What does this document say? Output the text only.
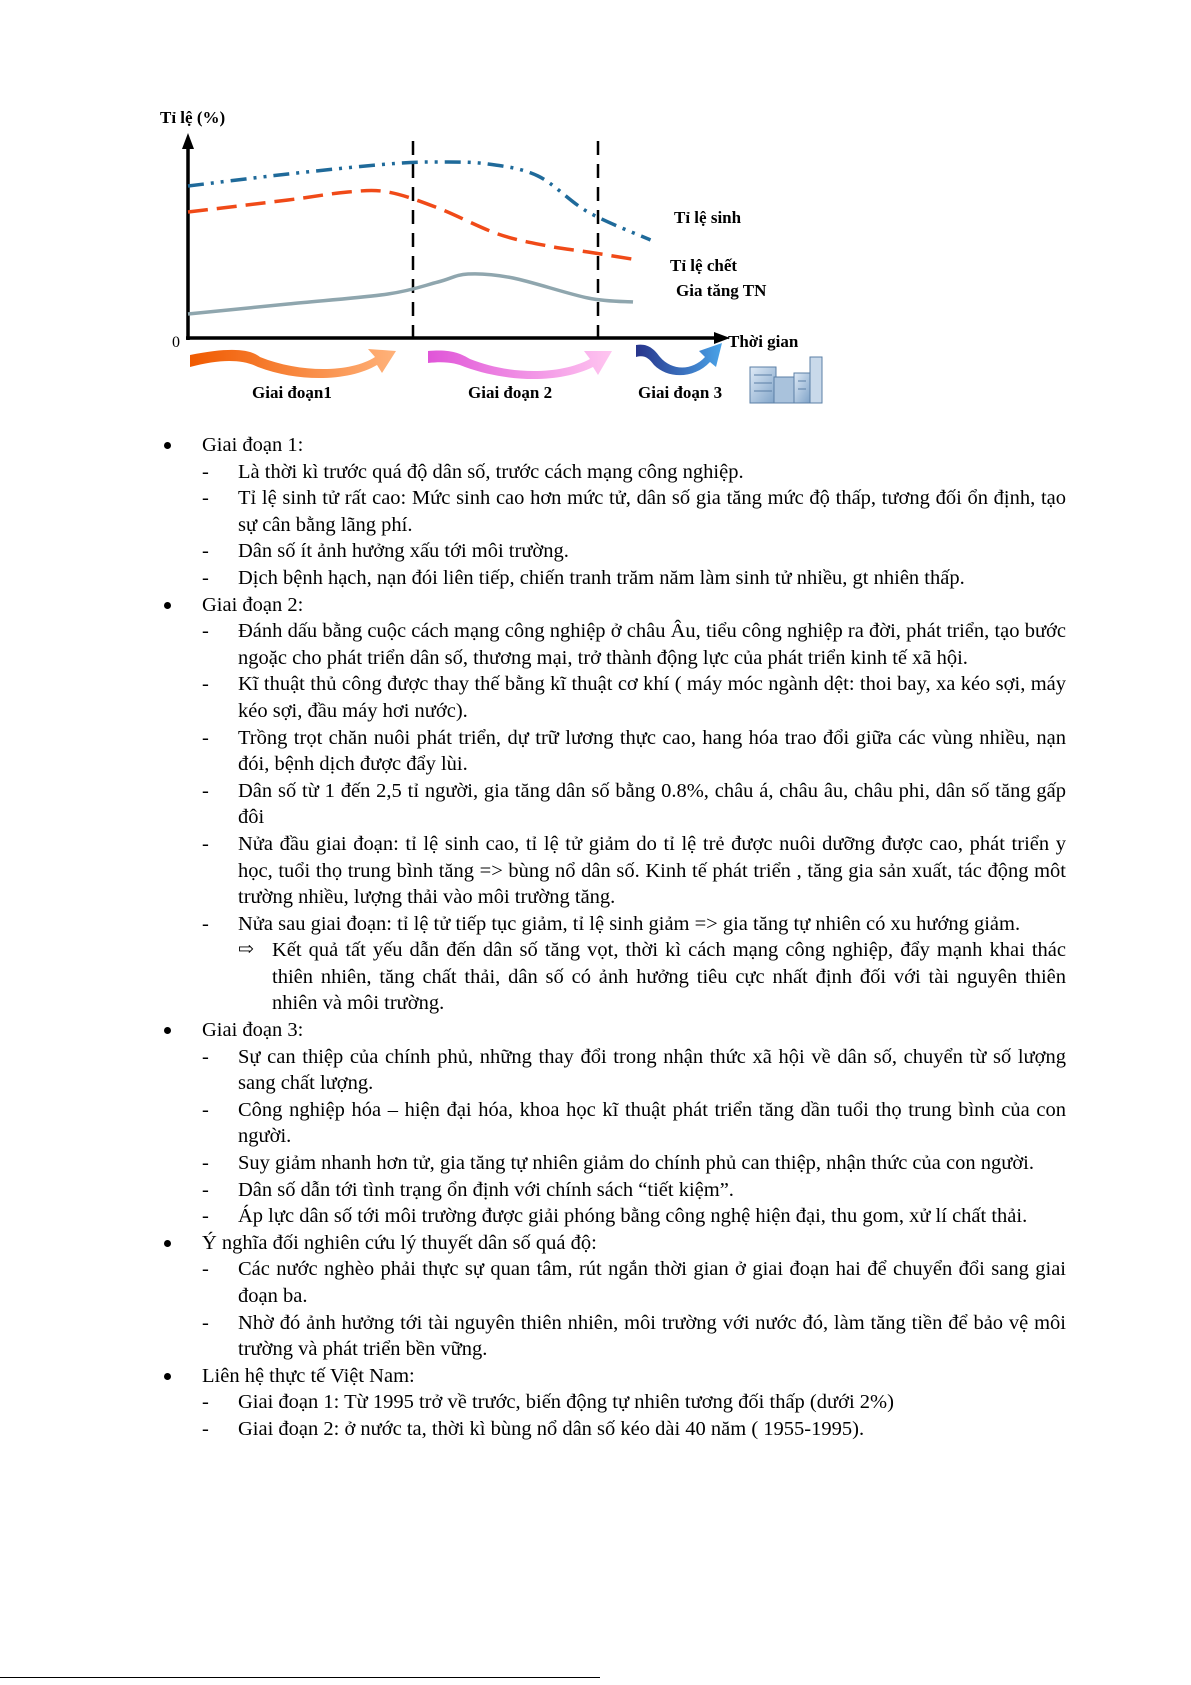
Tỉ lệ (%)
0	Thời gian
Tỉ lệ sinh
Tỉ lệ chết
Gia tăng TN
Giai đoạn1	Giai đoạn 2	Giai đoạn 3
Giai đoạn 1:
- Là thời kì trước quá độ dân số, trước cách mạng công nghiệp.
- Tỉ lệ sinh tử rất cao: Mức sinh cao hơn mức tử, dân số gia tăng mức độ thấp, tương đối ổn định, tạo sự cân bằng lãng phí.
- Dân số ít ảnh hưởng xấu tới môi trường.
- Dịch bệnh hạch, nạn đói liên tiếp, chiến tranh trăm năm làm sinh tử nhiều, gt nhiên thấp.
Giai đoạn 2:
- Đánh dấu bằng cuộc cách mạng công nghiệp ở châu Âu, tiểu công nghiệp ra đời, phát triển, tạo bước ngoặc cho phát triển dân số, thương mại, trở thành động lực của phát triển kinh tế xã hội.
- Kĩ thuật thủ công được thay thế bằng kĩ thuật cơ khí ( máy móc ngành dệt: thoi bay, xa kéo sợi, máy kéo sợi, đầu máy hơi nước).
- Trồng trọt chăn nuôi phát triển, dự trữ lương thực cao, hang hóa trao đổi giữa các vùng nhiều, nạn đói, bệnh dịch được đẩy lùi.
- Dân số từ 1 đến 2,5 tỉ người, gia tăng dân số bằng 0.8%, châu á, châu âu, châu phi, dân số tăng gấp đôi
- Nửa đầu giai đoạn: tỉ lệ sinh cao, tỉ lệ tử giảm do tỉ lệ trẻ được nuôi dưỡng được cao, phát triển y học, tuổi thọ trung bình tăng => bùng nổ dân số. Kinh tế phát triển , tăng gia sản xuất, tác động môt trường nhiều, lượng thải vào môi trường tăng.
- Nửa sau giai đoạn: tỉ lệ tử tiếp tục giảm, tỉ lệ sinh giảm => gia tăng tự nhiên có xu hướng giảm.
⇨ Kết quả tất yếu dẫn đến dân số tăng vọt, thời kì cách mạng công nghiệp, đẩy mạnh khai thác thiên nhiên, tăng chất thải, dân số có ảnh hưởng tiêu cực nhất định đối với tài nguyên thiên nhiên và môi trường.
Giai đoạn 3:
- Sự can thiệp của chính phủ, những thay đổi trong nhận thức xã hội về dân số, chuyển từ số lượng sang chất lượng.
- Công nghiệp hóa – hiện đại hóa, khoa học kĩ thuật phát triển tăng dần tuổi thọ trung bình của con người.
- Suy giảm nhanh hơn tử, gia tăng tự nhiên giảm do chính phủ can thiệp, nhận thức của con người.
- Dân số dẫn tới tình trạng ổn định với chính sách “tiết kiệm”.
- Áp lực dân số tới môi trường được giải phóng bằng công nghệ hiện đại, thu gom, xử lí chất thải.
Ý nghĩa đối nghiên cứu lý thuyết dân số quá độ:
- Các nước nghèo phải thực sự quan tâm, rút ngắn thời gian ở giai đoạn hai để chuyển đổi sang giai đoạn ba.
- Nhờ đó ảnh hưởng tới tài nguyên thiên nhiên, môi trường với nước đó, làm tăng tiền để bảo vệ môi trường và phát triển bền vững.
Liên hệ thực tế Việt Nam:
- Giai đoạn 1: Từ 1995 trở về trước, biến động tự nhiên tương đối thấp (dưới 2%)
- Giai đoạn 2: ở nước ta, thời kì bùng nổ dân số kéo dài 40 năm ( 1955-1995).
